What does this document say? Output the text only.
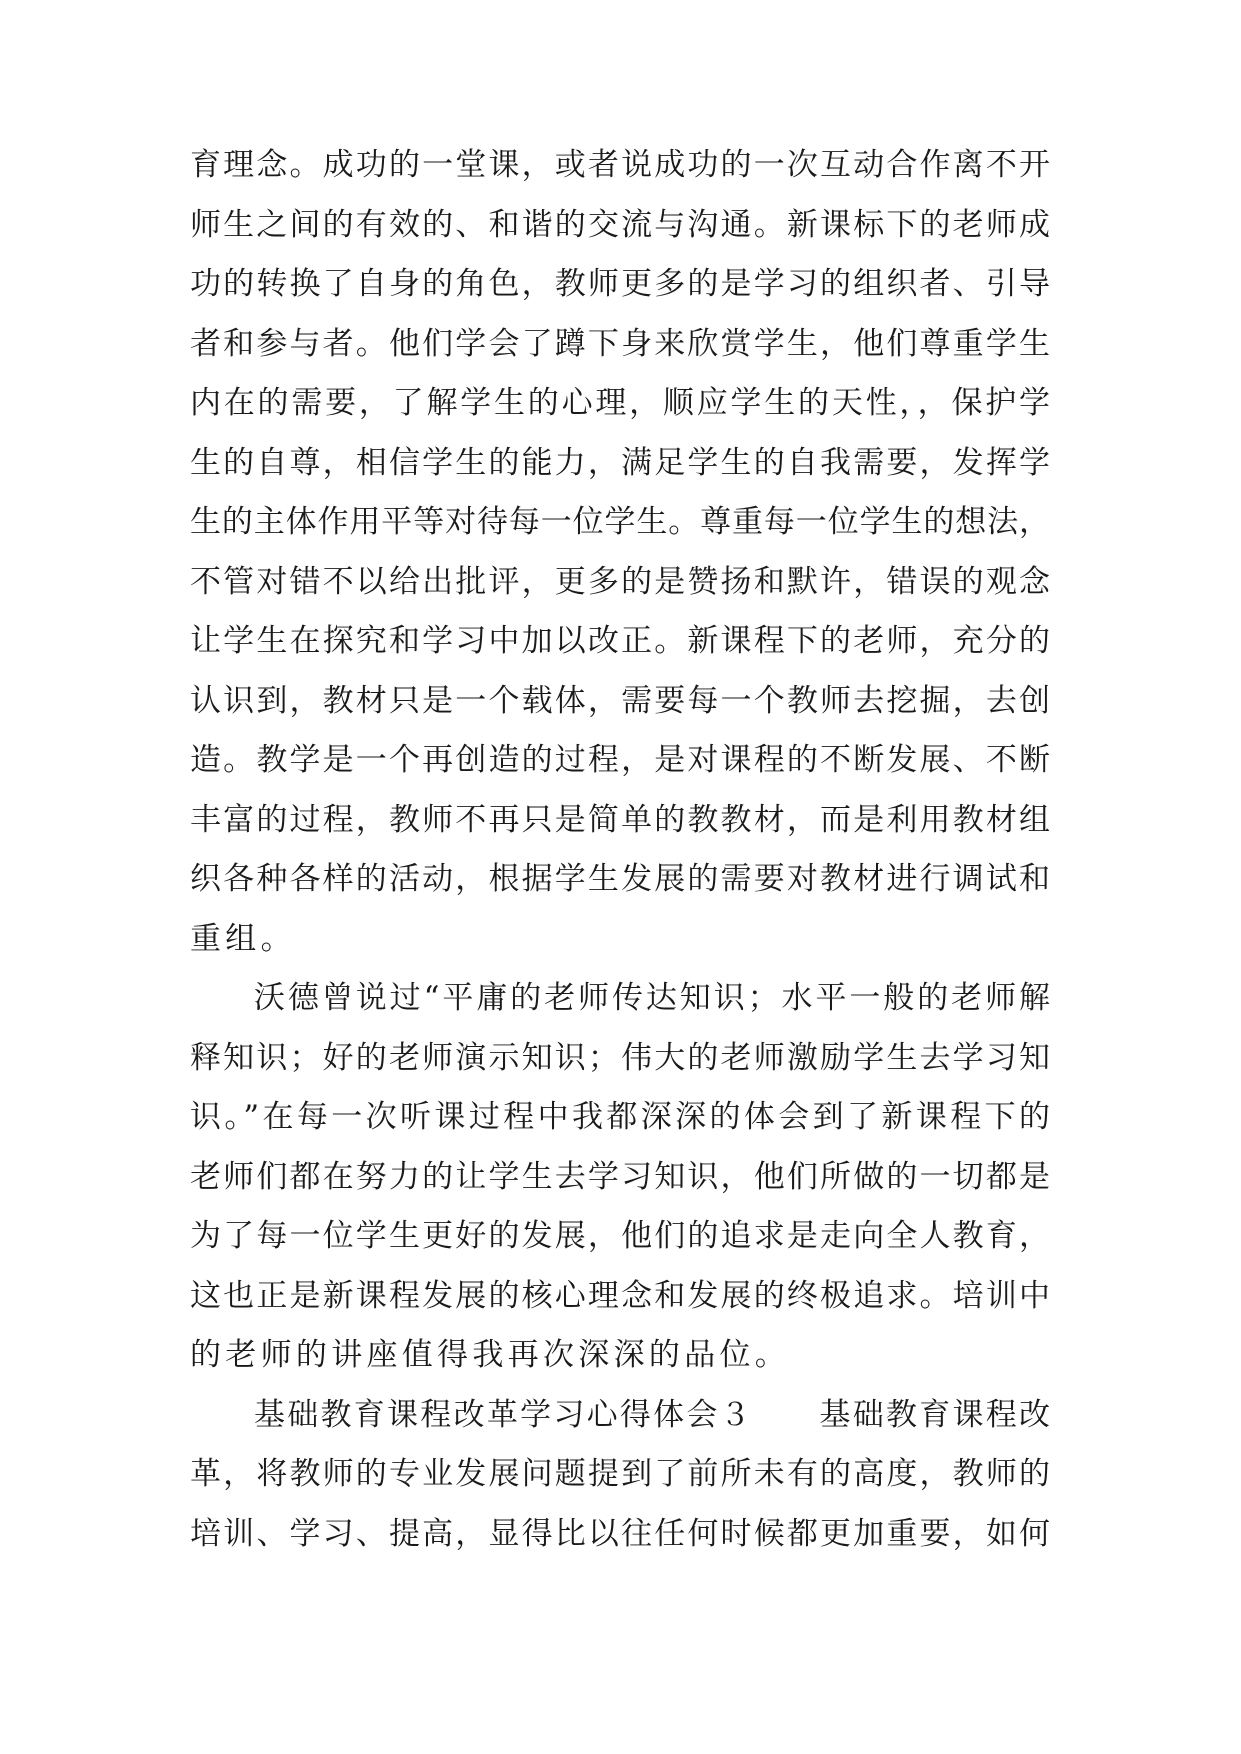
育理念。成功的一堂课，或者说成功的一次互动合作离不开
师生之间的有效的、和谐的交流与沟通。新课标下的老师成
功的转换了自身的角色，教师更多的是学习的组织者、引导
者和参与者。他们学会了蹲下身来欣赏学生，他们尊重学生
内在的需要，了解学生的心理，顺应学生的天性，，保护学
生的自尊，相信学生的能力，满足学生的自我需要，发挥学
生的主体作用平等对待每一位学生。尊重每一位学生的想法，
不管对错不以给出批评，更多的是赞扬和默许，错误的观念
让学生在探究和学习中加以改正。新课程下的老师，充分的
认识到，教材只是一个载体，需要每一个教师去挖掘，去创
造。教学是一个再创造的过程，是对课程的不断发展、不断
丰富的过程，教师不再只是简单的教教材，而是利用教材组
织各种各样的活动，根据学生发展的需要对教材进行调试和
重组。
沃德曾说过“平庸的老师传达知识；水平一般的老师解
释知识；好的老师演示知识；伟大的老师激励学生去学习知
识。”在每一次听课过程中我都深深的体会到了新课程下的
老师们都在努力的让学生去学习知识，他们所做的一切都是
为了每一位学生更好的发展，他们的追求是走向全人教育，
这也正是新课程发展的核心理念和发展的终极追求。培训中
的老师的讲座值得我再次深深的品位。
基础教育课程改革学习心得体会３　　基础教育课程改
革，将教师的专业发展问题提到了前所未有的高度，教师的
培训、学习、提高，显得比以往任何时候都更加重要，如何
